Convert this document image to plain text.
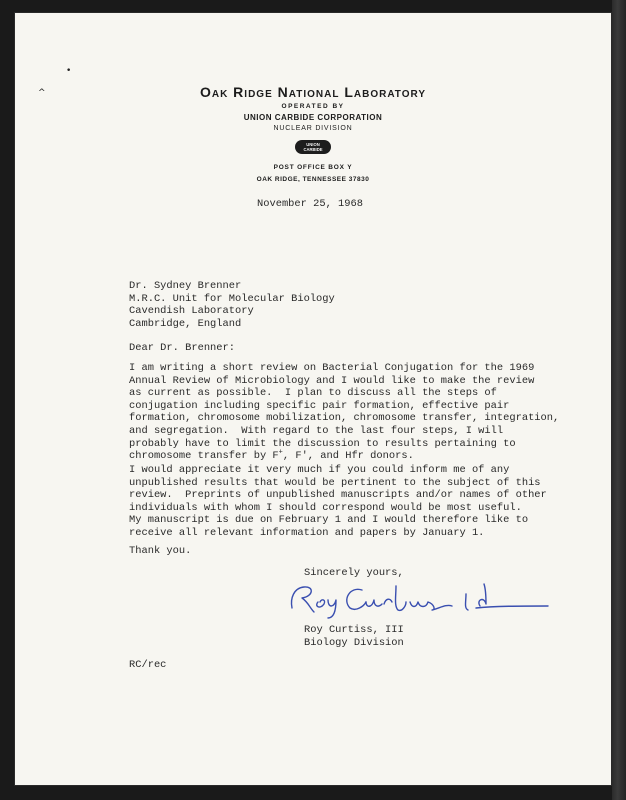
•
^	Oak Ridge National Laboratory
OPERATED BY
UNION CARBIDE CORPORATION
NUCLEAR DIVISION
UNION
CARBIDE
POST OFFICE BOX Y
OAK RIDGE, TENNESSEE 37830
November 25, 1968
Dr. Sydney Brenner
M.R.C. Unit for Molecular Biology
Cavendish Laboratory
Cambridge, England
Dear Dr. Brenner:
I am writing a short review on Bacterial Conjugation for the 1969
Annual Review of Microbiology and I would like to make the review
as current as possible.  I plan to discuss all the steps of
conjugation including specific pair formation, effective pair
formation, chromosome mobilization, chromosome transfer, integration,
and segregation.  With regard to the last four steps, I will
probably have to limit the discussion to results pertaining to
chromosome transfer by F+, F', and Hfr donors.
I would appreciate it very much if you could inform me of any
unpublished results that would be pertinent to the subject of this
review.  Preprints of unpublished manuscripts and/or names of other
individuals with whom I should correspond would be most useful.
My manuscript is due on February 1 and I would therefore like to
receive all relevant information and papers by January 1.
Thank you.
Sincerely yours,
Roy Curtiss, III
Biology Division
RC/rec
